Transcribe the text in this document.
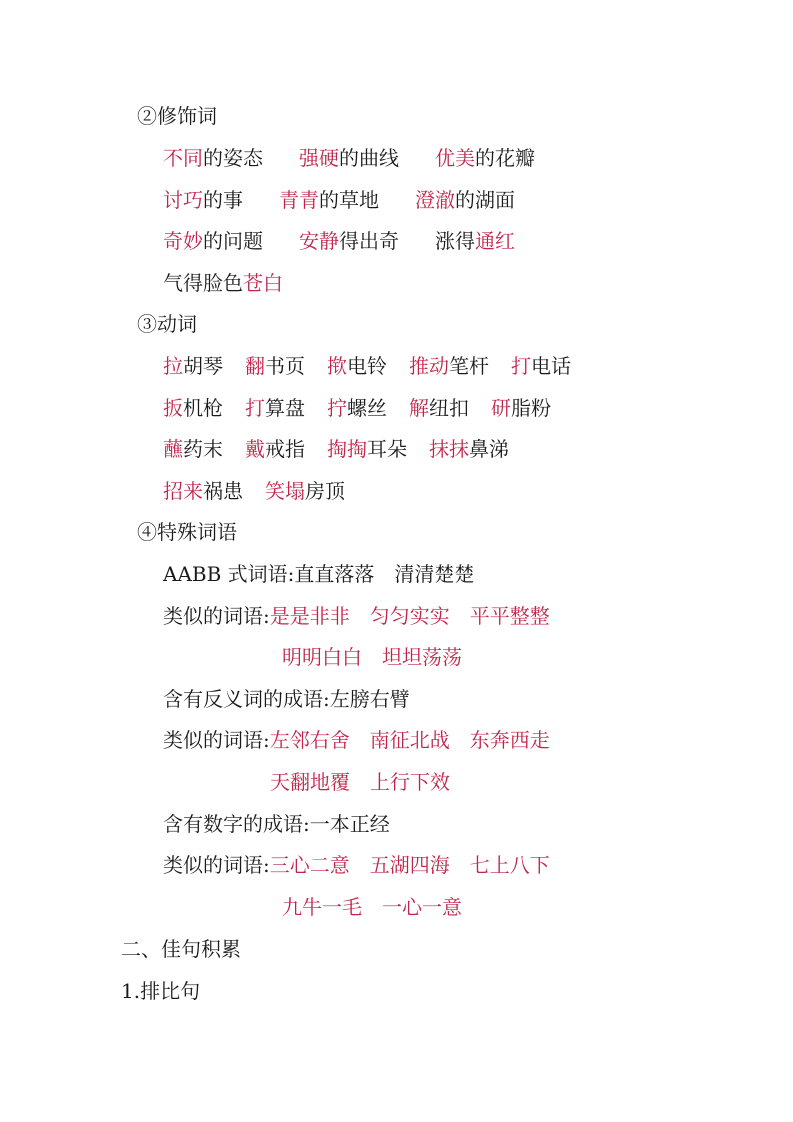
②修饰词
不同的姿态 强硬的曲线 优美的花瓣
讨巧的事 青青的草地 澄澈的湖面
奇妙的问题 安静得出奇 涨得通红
气得脸色苍白
③动词
拉胡琴 翻书页 揿电铃 推动笔杆 打电话
扳机枪 打算盘 拧螺丝 解纽扣 研脂粉
蘸药末 戴戒指 掏掏耳朵 抹抹鼻涕
招来祸患 笑塌房顶
④特殊词语
AABB 式词语:直直落落　清清楚楚
类似的词语:是是非非　匀匀实实　平平整整
明明白白　坦坦荡荡
含有反义词的成语:左膀右臂
类似的词语:左邻右舍　南征北战　东奔西走
天翻地覆　上行下效
含有数字的成语:一本正经
类似的词语:三心二意　五湖四海　七上八下
九牛一毛　一心一意
二、佳句积累
1.排比句
